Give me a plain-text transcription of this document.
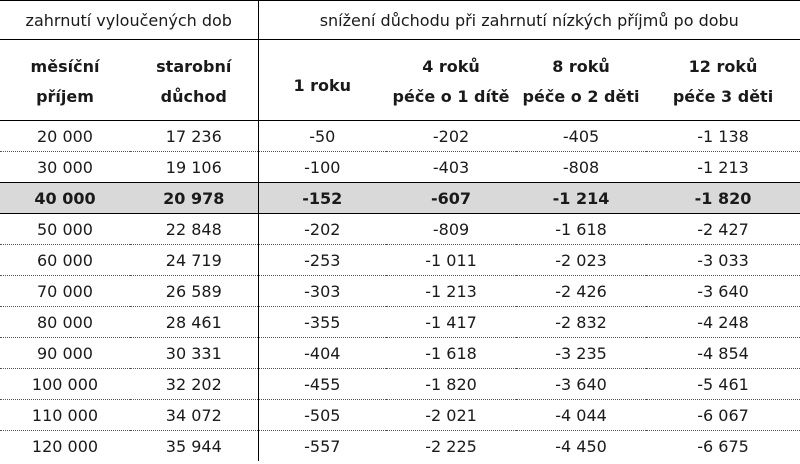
zahrnutí vyloučených dob		snížení důchodu při zahrnutí nízkých příjmů po dobu			
měsíční	starobní	1 roku	4 roků	8 roků	12 roků
příjem	důchod		péče o 1 dítě	péče o 2 děti	péče 3 děti
20 000	17 236	-50	-202	-405	-1 138
30 000	19 106	-100	-403	-808	-1 213
40 000	20 978	-152	-607	-1 214	-1 820
50 000	22 848	-202	-809	-1 618	-2 427
60 000	24 719	-253	-1 011	-2 023	-3 033
70 000	26 589	-303	-1 213	-2 426	-3 640
80 000	28 461	-355	-1 417	-2 832	-4 248
90 000	30 331	-404	-1 618	-3 235	-4 854
100 000	32 202	-455	-1 820	-3 640	-5 461
110 000	34 072	-505	-2 021	-4 044	-6 067
120 000	35 944	-557	-2 225	-4 450	-6 675
